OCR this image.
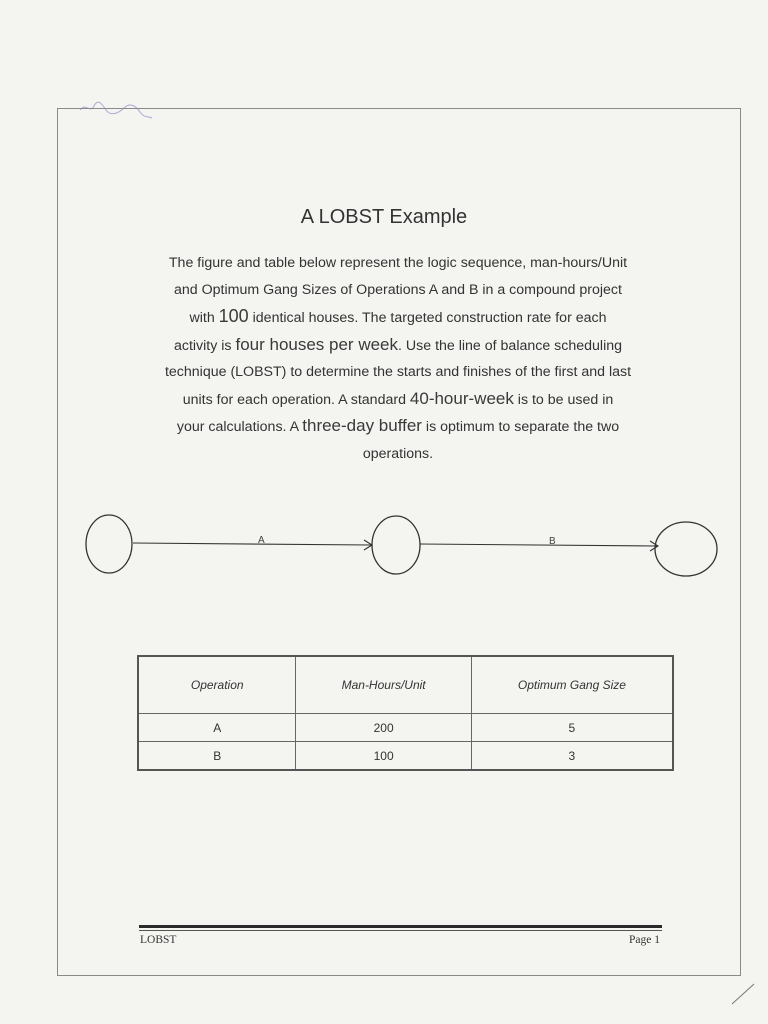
A LOBST Example
The figure and table below represent the logic sequence, man-hours/Unit
and Optimum Gang Sizes of Operations A and B in a compound project
with 100 identical houses. The targeted construction rate for each
activity is four houses per week. Use the line of balance scheduling
technique (LOBST) to determine the starts and finishes of the first and last
units for each operation. A standard 40-hour-week is to be used in
your calculations. A three-day buffer is optimum to separate the two
operations.
A	B
Operation	Man-Hours/Unit	Optimum Gang Size
A	200	5
B	100	3
LOBST	Page 1
